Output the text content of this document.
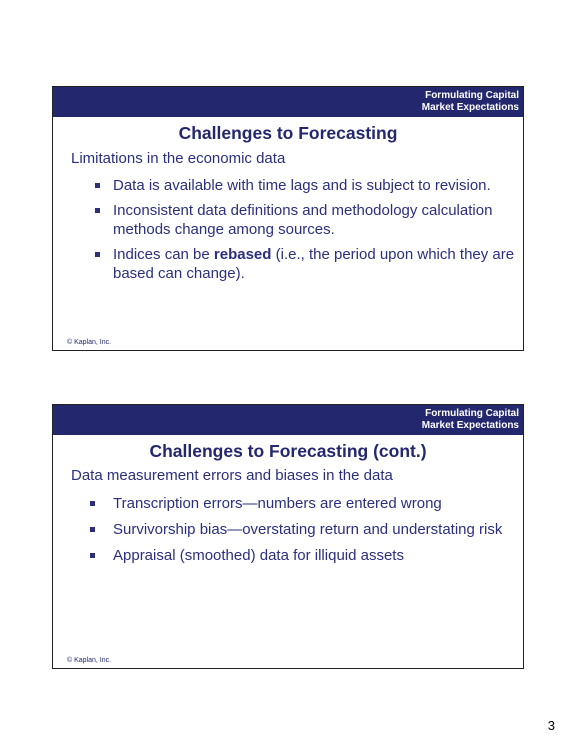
Formulating Capital
Market Expectations
Challenges to Forecasting
Limitations in the economic data
Data is available with time lags and is subject to revision.
Inconsistent data definitions and methodology calculation methods change among sources.
Indices can be rebased (i.e., the period upon which they are based can change).
© Kaplan, Inc.
Formulating Capital
Market Expectations
Challenges to Forecasting (cont.)
Data measurement errors and biases in the data
Transcription errors—numbers are entered wrong
Survivorship bias—overstating return and understating risk
Appraisal (smoothed) data for illiquid assets
© Kaplan, Inc.
3
